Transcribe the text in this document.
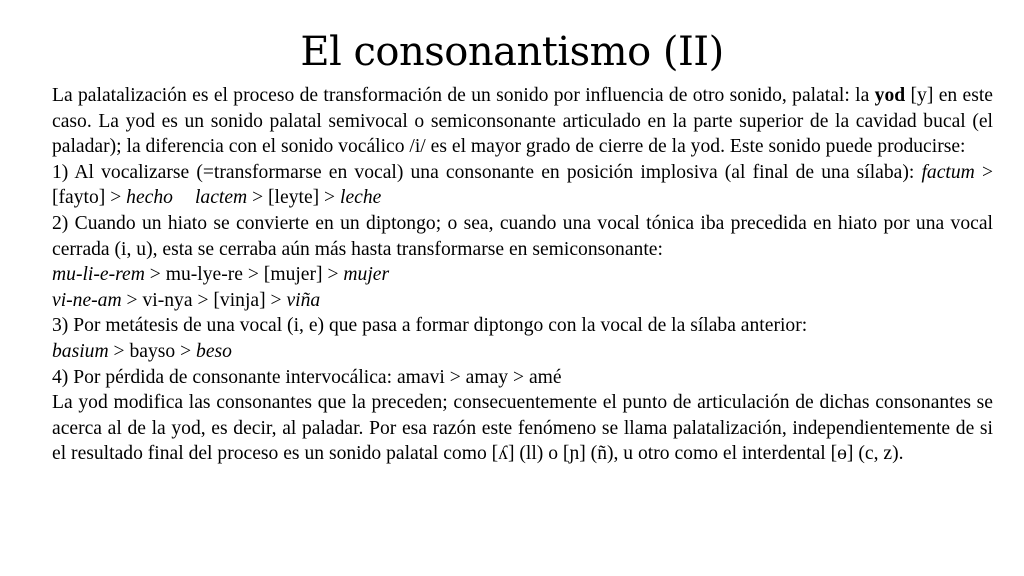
El consonantismo (II)

La palatalización es el proceso de transformación de un sonido por influencia de otro sonido, palatal: la yod [y] en este caso. La yod es un sonido palatal semivocal o semiconsonante articulado en la parte superior de la cavidad bucal (el paladar); la diferencia con el sonido vocálico /i/ es el mayor grado de cierre de la yod. Este sonido puede producirse:

1) Al vocalizarse (=transformarse en vocal) una consonante en posición implosiva (al final de una sílaba): factum > [fayto] > hecho lactem > [leyte] > leche

2) Cuando un hiato se convierte en un diptongo; o sea, cuando una vocal tónica iba precedida en hiato por una vocal cerrada (i, u), esta se cerraba aún más hasta transformarse en semiconsonante:

mu-li-e-rem > mu-lye-re > [mujer] > mujer

vi-ne-am > vi-nya > [vinja] > viña

3) Por metátesis de una vocal (i, e) que pasa a formar diptongo con la vocal de la sílaba anterior:

basium > bayso > beso

4) Por pérdida de consonante intervocálica: amavi > amay > amé

La yod modifica las consonantes que la preceden; consecuentemente el punto de articulación de dichas consonantes se acerca al de la yod, es decir, al paladar. Por esa razón este fenómeno se llama palatalización, independientemente de si el resultado final del proceso es un sonido palatal como [ʎ] (ll) o [ɲ] (ñ), u otro como el interdental [ɵ] (c, z).
